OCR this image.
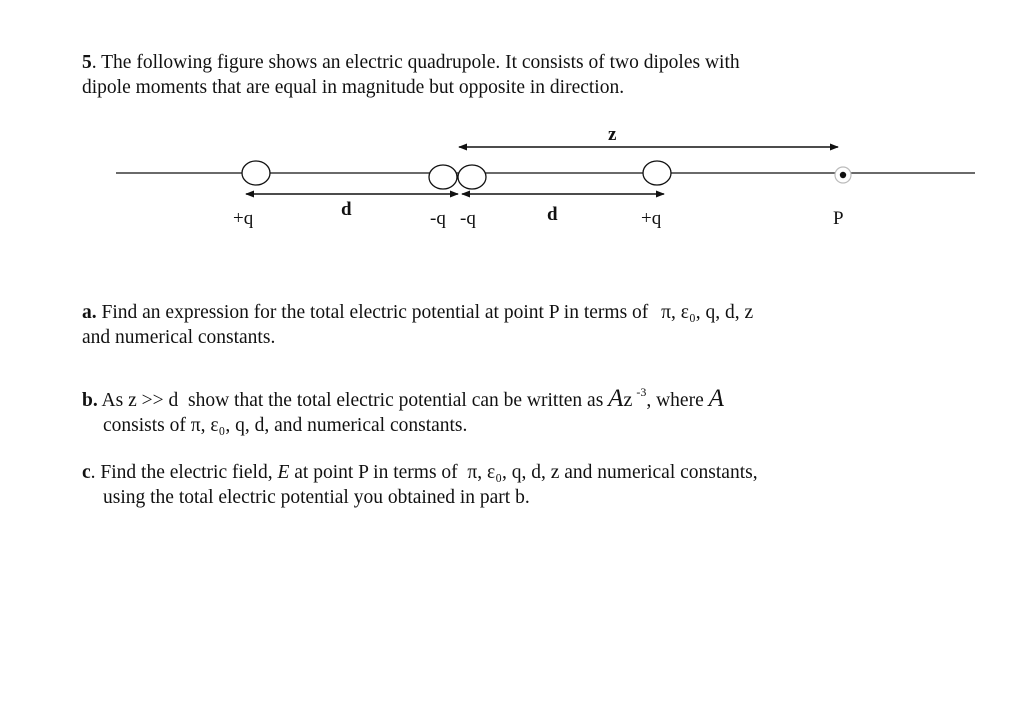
5. The following figure shows an electric quadrupole. It consists of two dipoles with
dipole moments that are equal in magnitude but opposite in direction.

z
d	d
+q	-q -q	+q	P

a. Find an expression for the total electric potential at point P in terms of π, ε₀, q, d, z
and numerical constants.

b. As z >> d  show that the total electric potential can be written as Az $^{-3}$, where A
consists of π, ε₀, q, d, and numerical constants.

c. Find the electric field, E at point P in terms of  π, ε₀, q, d, z and numerical constants,
using the total electric potential you obtained in part b.
